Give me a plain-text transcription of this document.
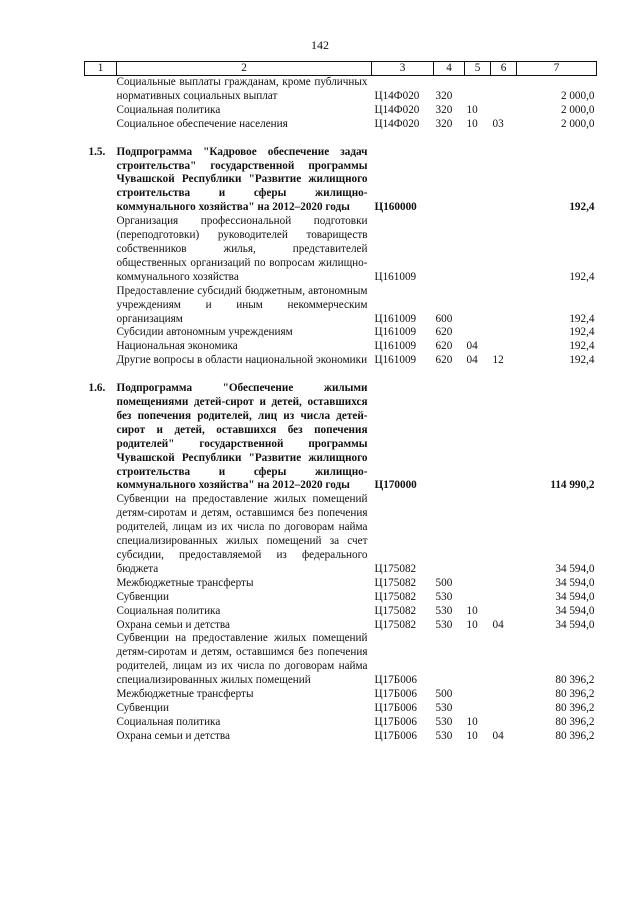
142
1	2	3	4	5	6	7
	Социальные выплаты гражданам, кроме публичных нормативных социальных выплат	Ц14Ф020	320			2 000,0
	Социальная политика	Ц14Ф020	320	10		2 000,0
	Социальное обеспечение населения	Ц14Ф020	320	10	03	2 000,0

1.5.	Подпрограмма "Кадровое обеспечение задач строительства" государственной программы Чувашской Республики "Развитие жилищного строительства и сферы жилищно-коммунального хозяйства" на 2012–2020 годы	Ц160000				192,4
	Организация профессиональной подготовки (переподготовки) руководителей товариществ собственников жилья, представителей общественных организаций по вопросам жилищно-коммунального хозяйства	Ц161009				192,4
	Предоставление субсидий бюджетным, автономным учреждениям и иным некоммерческим организациям	Ц161009	600			192,4
	Субсидии автономным учреждениям	Ц161009	620			192,4
	Национальная экономика	Ц161009	620	04		192,4
	Другие вопросы в области национальной экономики	Ц161009	620	04	12	192,4

1.6.	Подпрограмма "Обеспечение жилыми помещениями детей-сирот и детей, оставшихся без попечения родителей, лиц из числа детей-сирот и детей, оставшихся без попечения родителей" государственной программы Чувашской Республики "Развитие жилищного строительства и сферы жилищно-коммунального хозяйства" на 2012–2020 годы	Ц170000				114 990,2
	Субвенции на предоставление жилых помещений детям-сиротам и детям, оставшимся без попечения родителей, лицам из их числа по договорам найма специализированных жилых помещений за счет субсидии, предоставляемой из федерального бюджета	Ц175082				34 594,0
	Межбюджетные трансферты	Ц175082	500			34 594,0
	Субвенции	Ц175082	530			34 594,0
	Социальная политика	Ц175082	530	10		34 594,0
	Охрана семьи и детства	Ц175082	530	10	04	34 594,0
	Субвенции на предоставление жилых помещений детям-сиротам и детям, оставшимся без попечения родителей, лицам из их числа по договорам найма специализированных жилых помещений	Ц17Б006				80 396,2
	Межбюджетные трансферты	Ц17Б006	500			80 396,2
	Субвенции	Ц17Б006	530			80 396,2
	Социальная политика	Ц17Б006	530	10		80 396,2
	Охрана семьи и детства	Ц17Б006	530	10	04	80 396,2
